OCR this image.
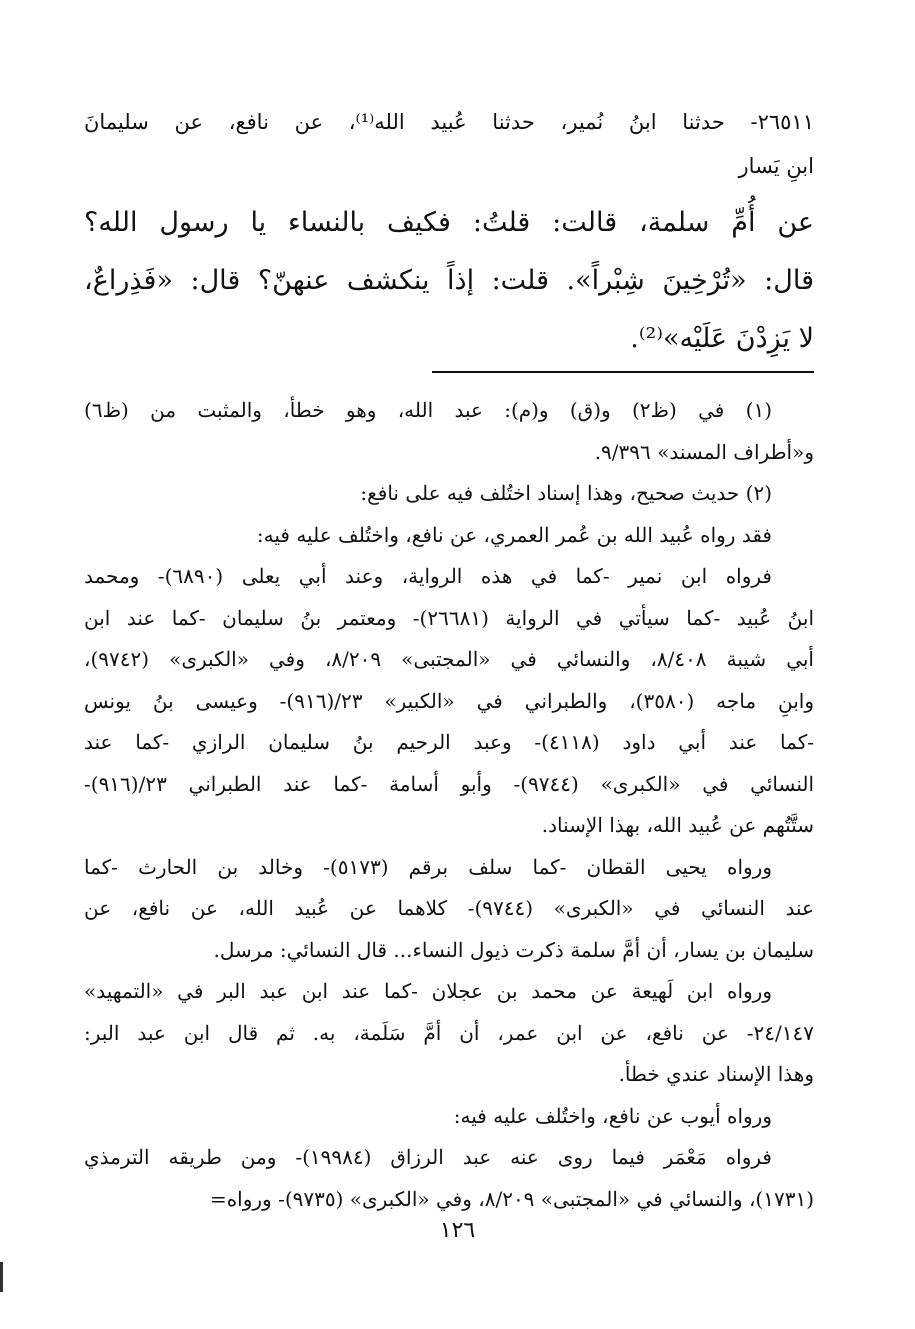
٢٦٥١١- حدثنا ابنُ نُمير، حدثنا عُبيد الله⁽¹⁾، عن نافع، عن سليمانَ
ابنِ يَسار
عن أُمِّ سلمة، قالت: قلتُ: فكيف بالنساء يا رسول الله؟
قال: «تُرْخِينَ شِبْراً». قلت: إذاً ينكشف عنهنّ؟ قال: «فَذِراعٌ،
لا يَزِدْنَ عَلَيْه»⁽²⁾.
(١) في (ظ٢) و(ق) و(م): عبد الله، وهو خطأ، والمثبت من (ظ٦)
و«أطراف المسند» ٩/٣٩٦.
(٢) حديث صحيح، وهذا إسناد اختُلف فيه على نافع:
فقد رواه عُبيد الله بن عُمر العمري، عن نافع، واختُلف عليه فيه:
فرواه ابن نمير -كما في هذه الرواية، وعند أبي يعلى (٦٨٩٠)- ومحمد
ابنُ عُبيد -كما سيأتي في الرواية (٢٦٦٨١)- ومعتمر بنُ سليمان -كما عند ابن
أبي شيبة ٨/٤٠٨، والنسائي في «المجتبى» ٨/٢٠٩، وفي «الكبرى» (٩٧٤٢)،
وابنِ ماجه (٣٥٨٠)، والطبراني في «الكبير» ٢٣/(٩١٦)- وعيسى بنُ يونس
-كما عند أبي داود (٤١١٨)- وعبد الرحيم بنُ سليمان الرازي -كما عند
النسائي في «الكبرى» (٩٧٤٤)- وأبو أسامة -كما عند الطبراني ٢٣/(٩١٦)-
ستَّتُهم عن عُبيد الله، بهذا الإسناد.
ورواه يحيى القطان -كما سلف برقم (٥١٧٣)- وخالد بن الحارث -كما
عند النسائي في «الكبرى» (٩٧٤٤)- كلاهما عن عُبيد الله، عن نافع، عن
سليمان بن يسار، أن أمَّ سلمة ذكرت ذيول النساء... قال النسائي: مرسل.
ورواه ابن لَهيعة عن محمد بن عجلان -كما عند ابن عبد البر في «التمهيد»
٢٤/١٤٧- عن نافع، عن ابن عمر، أن أمَّ سَلَمة، به. ثم قال ابن عبد البر:
وهذا الإسناد عندي خطأ.
ورواه أيوب عن نافع، واختُلف عليه فيه:
فرواه مَعْمَر فيما روى عنه عبد الرزاق (١٩٩٨٤)- ومن طريقه الترمذي
(١٧٣١)، والنسائي في «المجتبى» ٨/٢٠٩، وفي «الكبرى» (٩٧٣٥)- ورواه=
١٢٦
